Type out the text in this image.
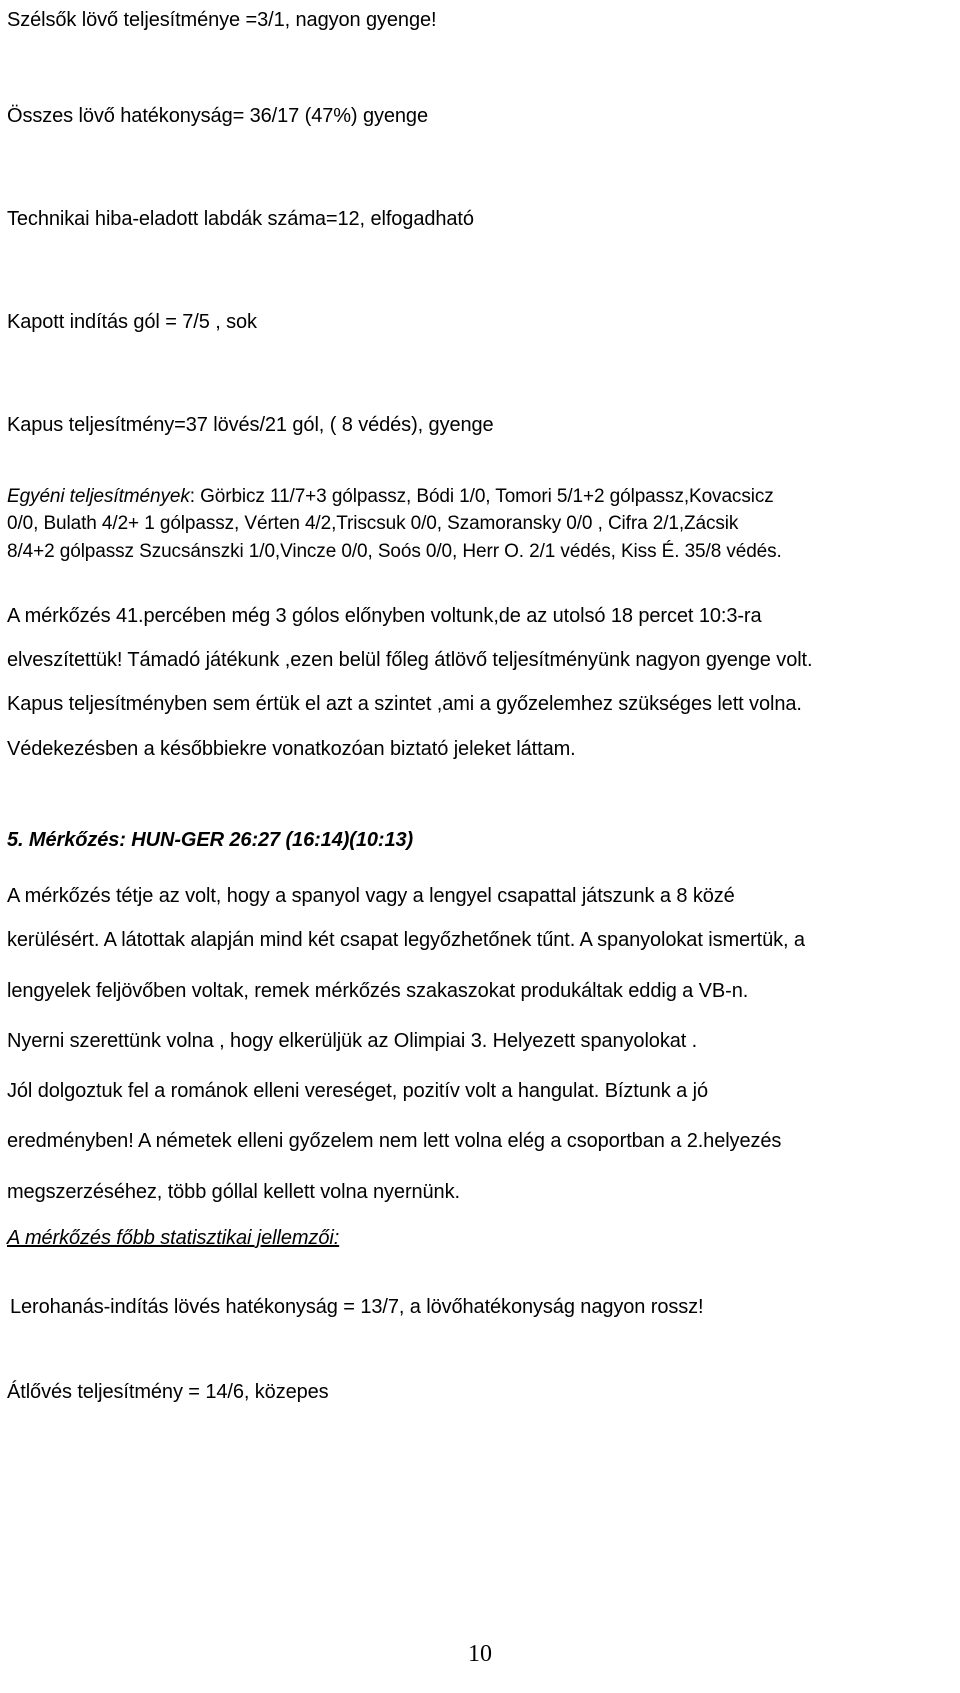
Szélsők lövő teljesítménye =3/1, nagyon gyenge!
Összes lövő hatékonyság= 36/17 (47%) gyenge
Technikai hiba-eladott labdák száma=12, elfogadható
Kapott indítás gól = 7/5 , sok
Kapus teljesítmény=37 lövés/21 gól, ( 8 védés), gyenge
Egyéni teljesítmények: Görbicz 11/7+3 gólpassz, Bódi 1/0, Tomori 5/1+2 gólpassz,Kovacsicz
0/0, Bulath 4/2+ 1 gólpassz, Vérten 4/2,Triscsuk 0/0, Szamoransky 0/0 , Cifra 2/1,Zácsik
8/4+2 gólpassz Szucsánszki 1/0,Vincze 0/0, Soós 0/0, Herr O. 2/1 védés, Kiss É. 35/8 védés.
A mérkőzés 41.percében még 3 gólos előnyben voltunk,de az utolsó 18 percet 10:3-ra
elveszítettük! Támadó játékunk ,ezen belül főleg átlövő teljesítményünk nagyon gyenge volt.
Kapus teljesítményben sem értük el azt a szintet ,ami a győzelemhez szükséges lett volna.
Védekezésben a későbbiekre vonatkozóan biztató jeleket láttam.
5. Mérkőzés: HUN-GER 26:27 (16:14)(10:13)
A mérkőzés tétje az volt, hogy a spanyol vagy a lengyel csapattal játszunk a 8 közé
kerülésért. A látottak alapján mind két csapat legyőzhetőnek tűnt. A spanyolokat ismertük, a
lengyelek feljövőben voltak, remek mérkőzés szakaszokat produkáltak eddig a VB-n.
Nyerni szerettünk volna , hogy elkerüljük az Olimpiai 3. Helyezett spanyolokat .
Jól dolgoztuk fel a románok elleni vereséget, pozitív volt a hangulat. Bíztunk a jó
eredményben! A németek elleni győzelem nem lett volna elég a csoportban a 2.helyezés
megszerzéséhez, több góllal kellett volna nyernünk.
A mérkőzés főbb statisztikai jellemzői:
Lerohanás-indítás lövés hatékonyság = 13/7, a lövőhatékonyság nagyon rossz!
Átlővés teljesítmény = 14/6, közepes
10
